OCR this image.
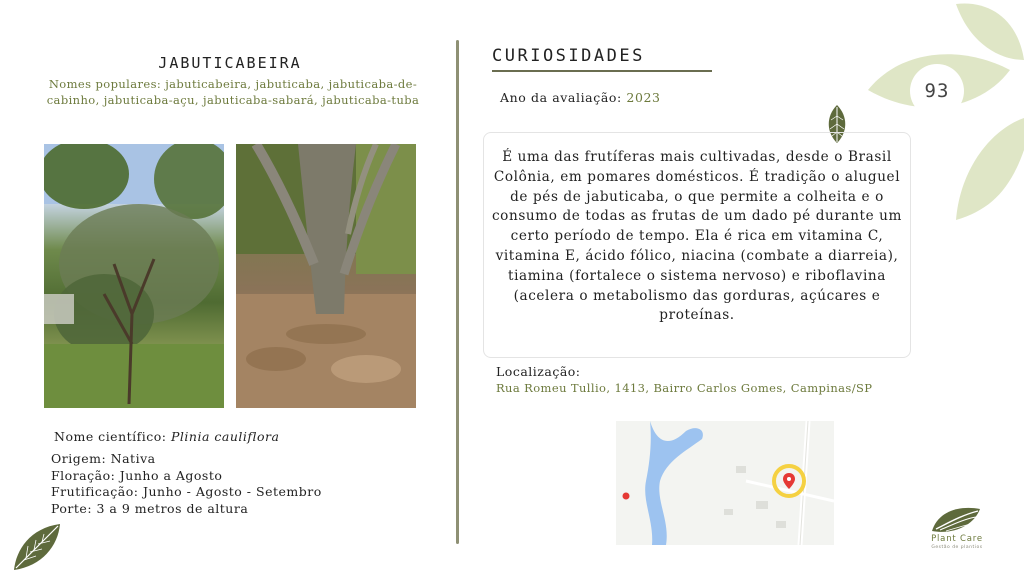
JABUTICABEIRA
Nomes populares: jabuticabeira, jabuticaba, jabuticaba-de-cabinho, jabuticaba-açu, jabuticaba-sabará, jabuticaba-tuba
Nome científico: Plinia cauliflora
Origem: Nativa
Floração: Junho a Agosto
Frutificação: Junho - Agosto - Setembro
Porte: 3 a 9 metros de altura
CURIOSIDADES
Ano da avaliação: 2023
É uma das frutíferas mais cultivadas, desde o Brasil Colônia, em pomares domésticos. É tradição o aluguel de pés de jabuticaba, o que permite a colheita e o consumo de todas as frutas de um dado pé durante um certo período de tempo. Ela é rica em vitamina C, vitamina E, ácido fólico, niacina (combate a diarreia), tiamina (fortalece o sistema nervoso) e riboflavina (acelera o metabolismo das gorduras, açúcares e proteínas.
Localização:
Rua Romeu Tullio, 1413, Bairro Carlos Gomes, Campinas/SP
93
Plant Care
Gestão de plantios
